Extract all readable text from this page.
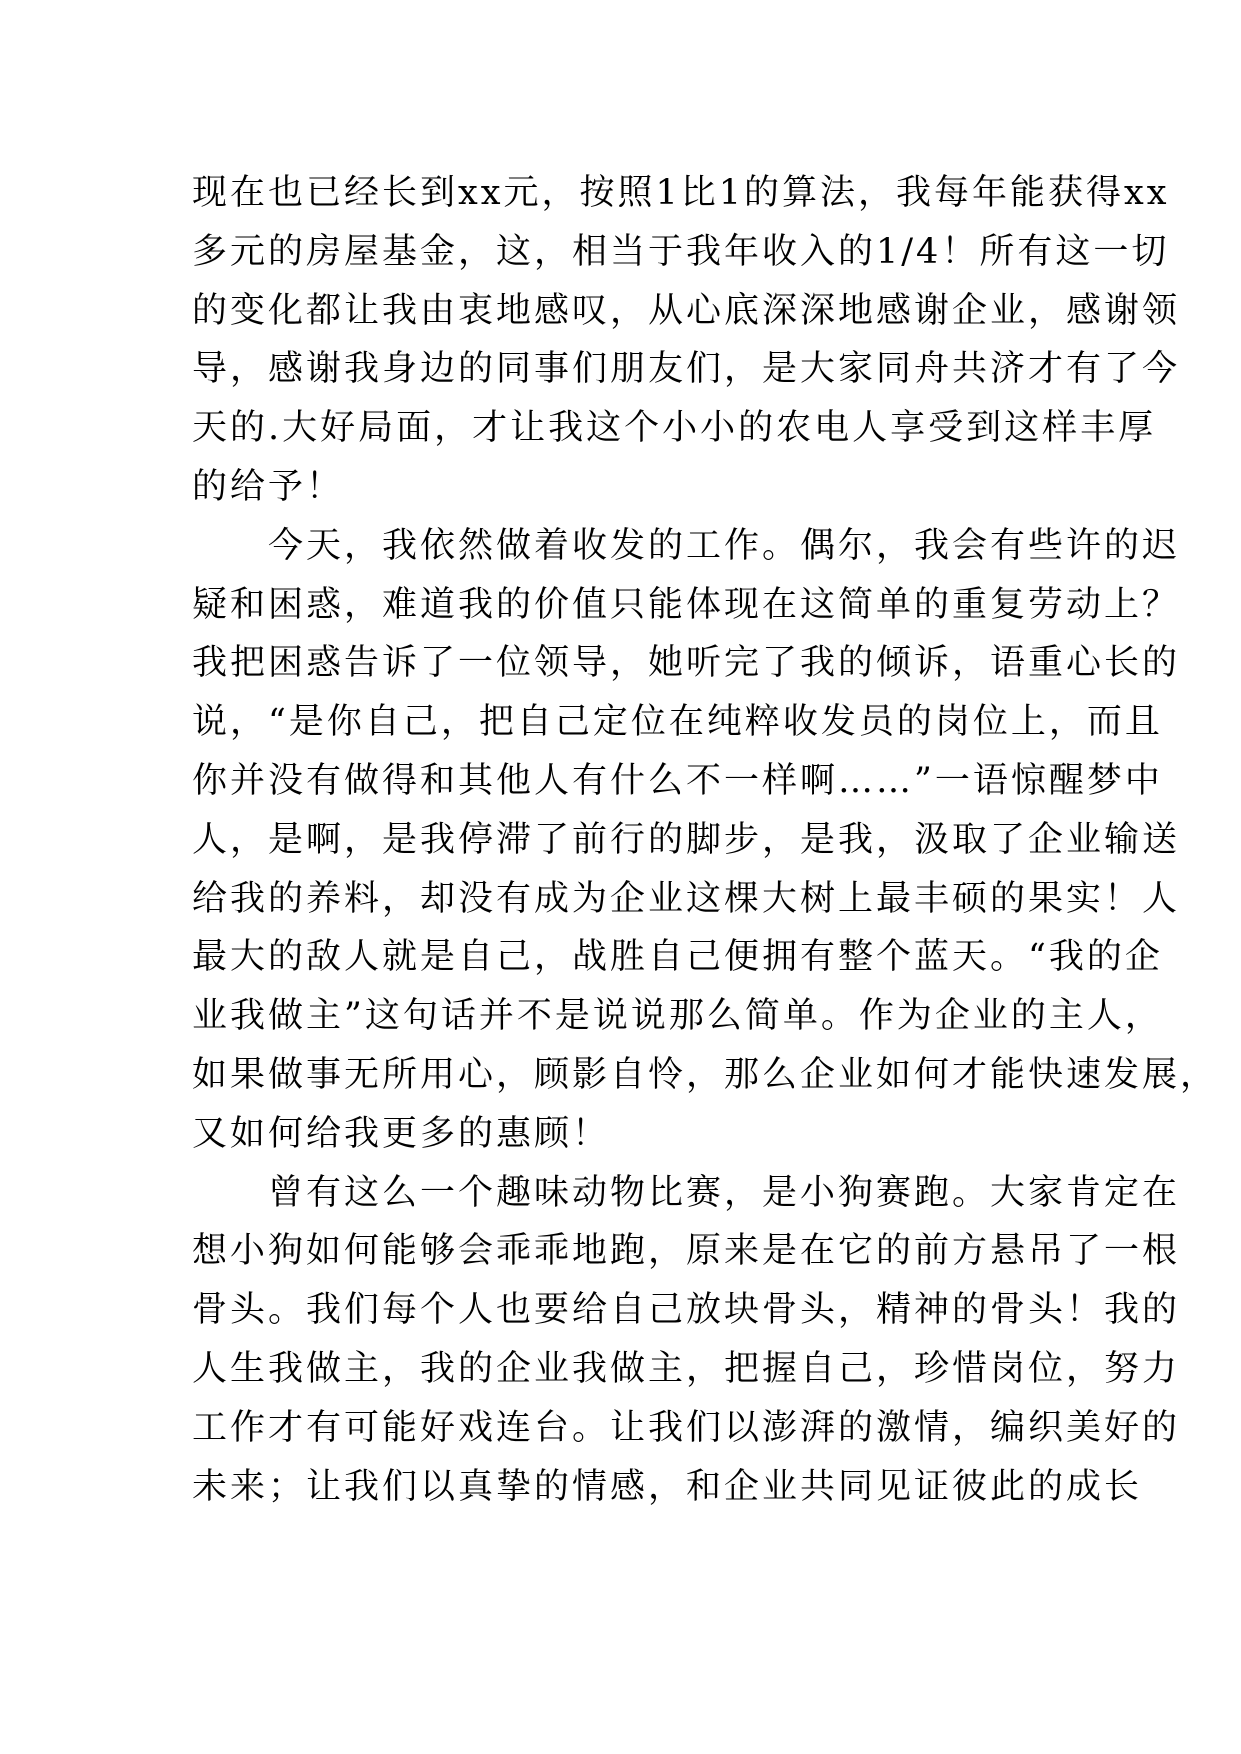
现在也已经长到xx元，按照1比1的算法，我每年能获得xx
多元的房屋基金，这，相当于我年收入的1/4！所有这一切
的变化都让我由衷地感叹，从心底深深地感谢企业，感谢领
导，感谢我身边的同事们朋友们，是大家同舟共济才有了今
天的.大好局面，才让我这个小小的农电人享受到这样丰厚
的给予！
　　今天，我依然做着收发的工作。偶尔，我会有些许的迟
疑和困惑，难道我的价值只能体现在这简单的重复劳动上？
我把困惑告诉了一位领导，她听完了我的倾诉，语重心长的
说，“是你自己，把自己定位在纯粹收发员的岗位上，而且
你并没有做得和其他人有什么不一样啊……”一语惊醒梦中
人，是啊，是我停滞了前行的脚步，是我，汲取了企业输送
给我的养料，却没有成为企业这棵大树上最丰硕的果实！人
最大的敌人就是自己，战胜自己便拥有整个蓝天。“我的企
业我做主”这句话并不是说说那么简单。作为企业的主人，
如果做事无所用心，顾影自怜，那么企业如何才能快速发展，
又如何给我更多的惠顾！
　　曾有这么一个趣味动物比赛，是小狗赛跑。大家肯定在
想小狗如何能够会乖乖地跑，原来是在它的前方悬吊了一根
骨头。我们每个人也要给自己放块骨头，精神的骨头！我的
人生我做主，我的企业我做主，把握自己，珍惜岗位，努力
工作才有可能好戏连台。让我们以澎湃的激情，编织美好的
未来；让我们以真挚的情感，和企业共同见证彼此的成长
